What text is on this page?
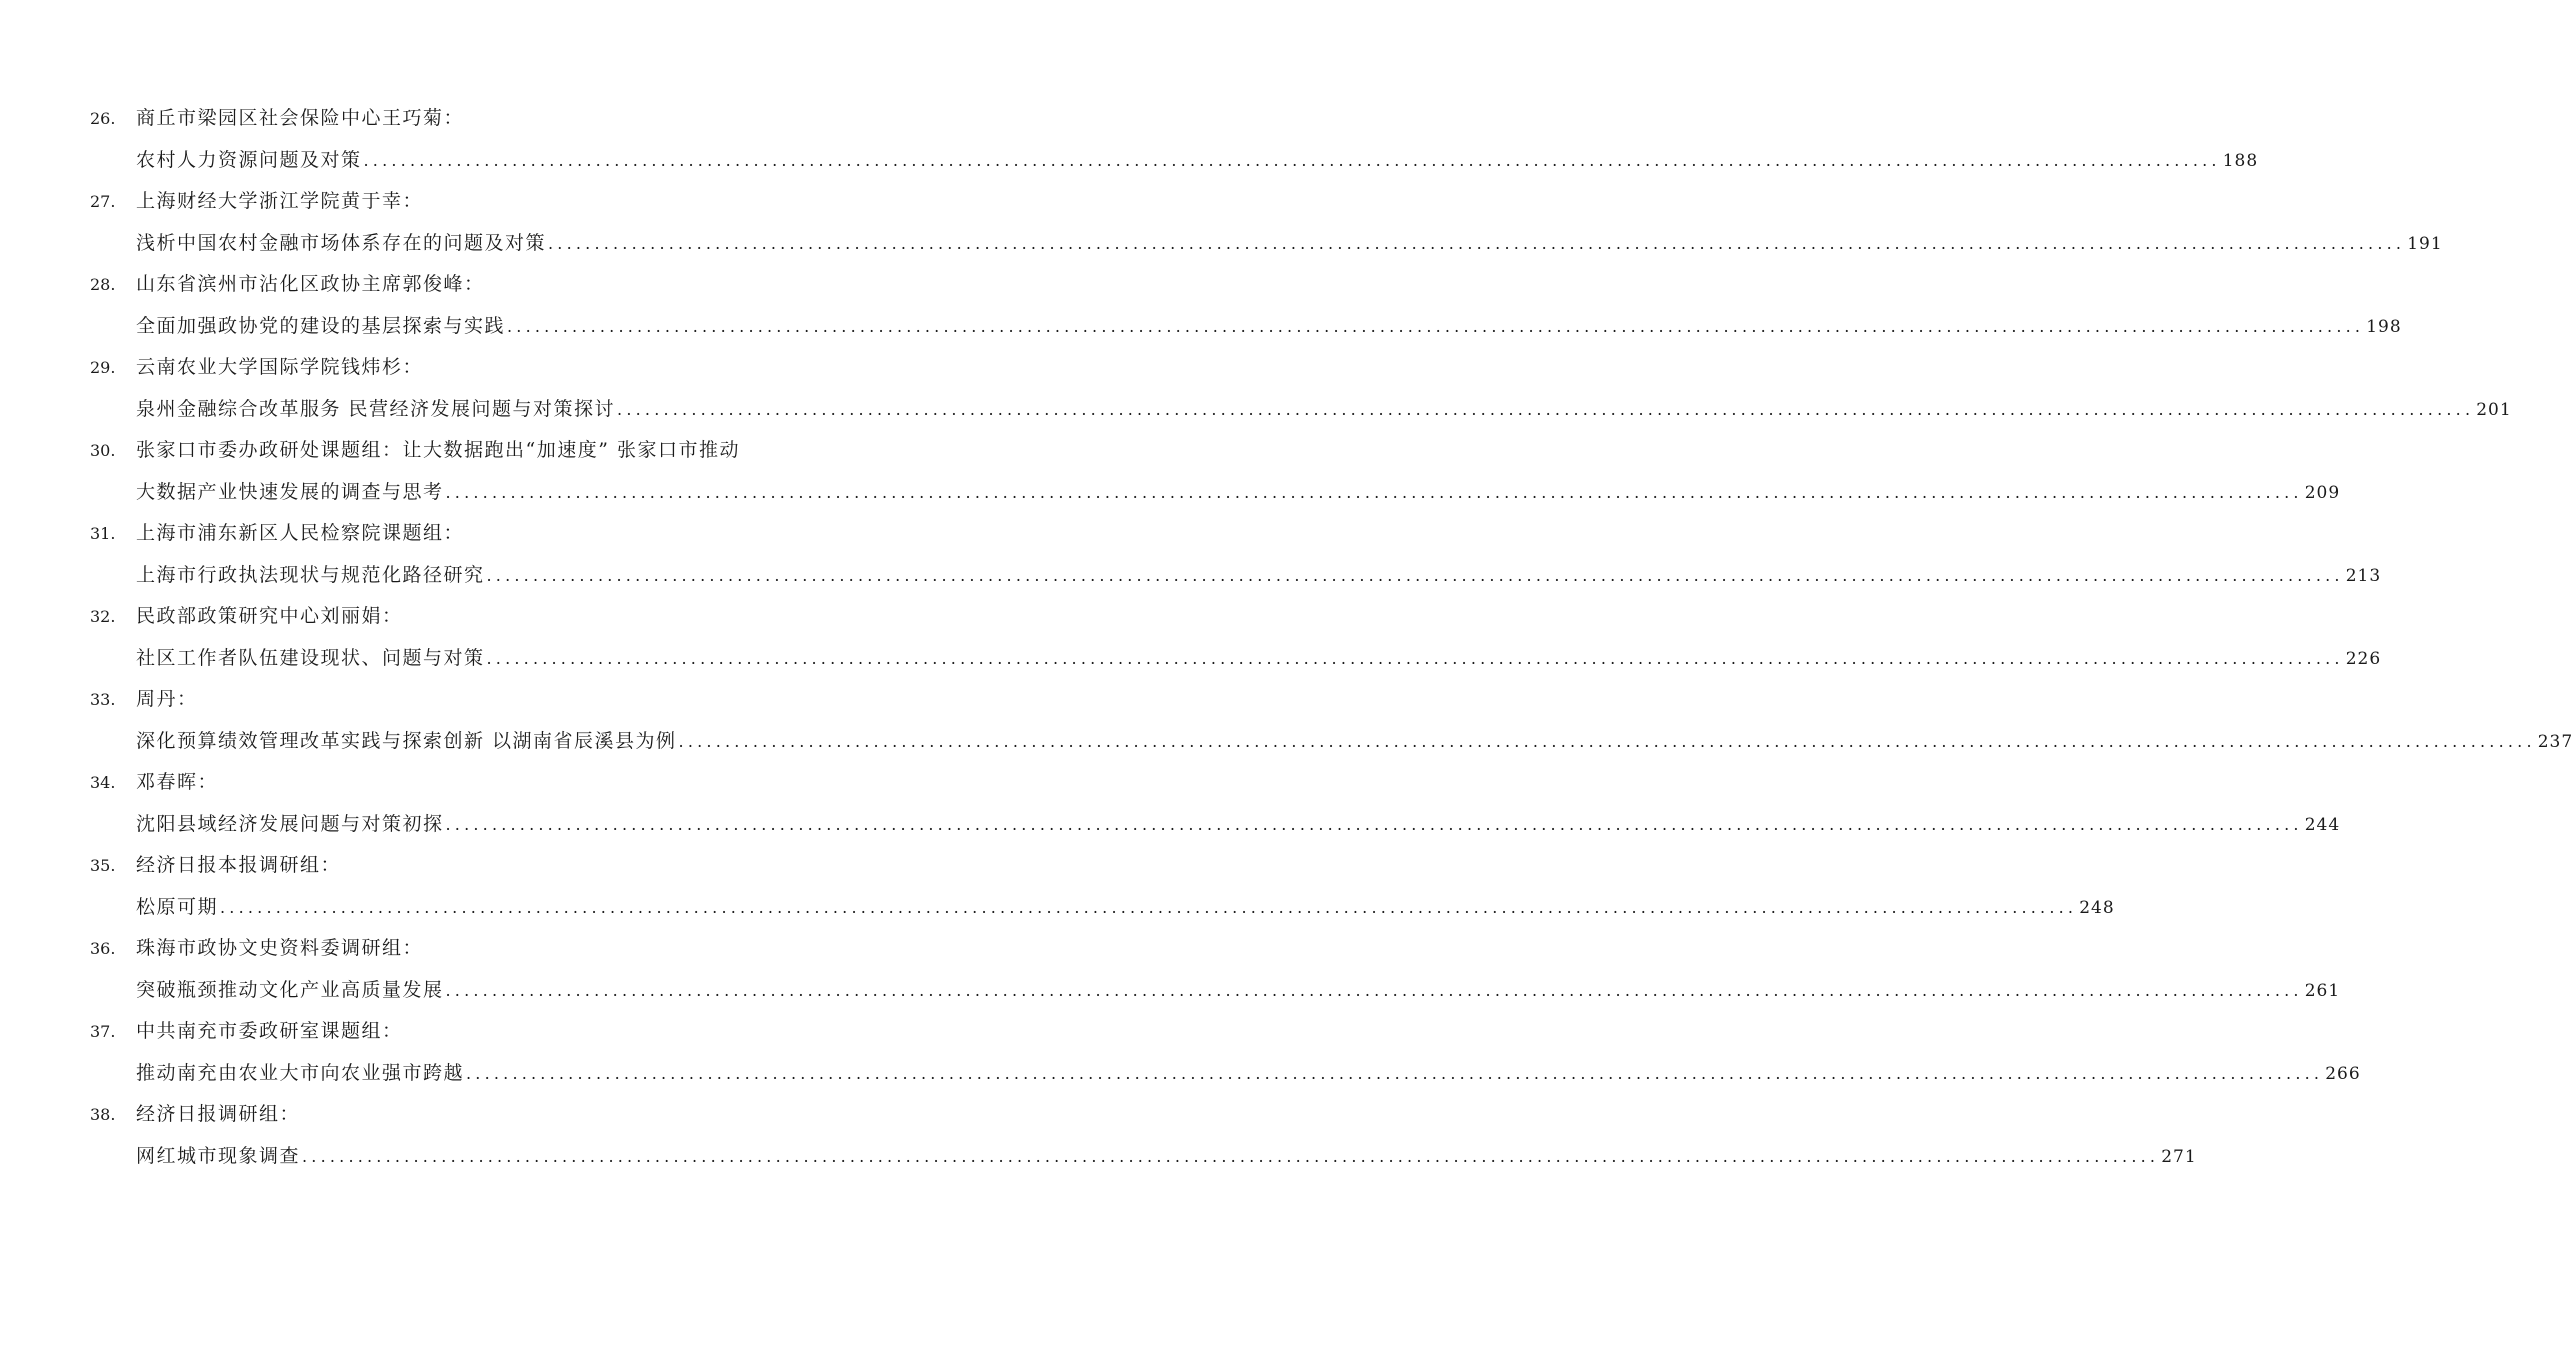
26. 商丘市梁园区社会保险中心王巧菊：
农村人力资源问题及对策 ........................................................................................................................................................................................................ 188
27. 上海财经大学浙江学院黄于幸：
浅析中国农村金融市场体系存在的问题及对策 ........................................................................................................................................................................................................ 191
28. 山东省滨州市沾化区政协主席郭俊峰：
全面加强政协党的建设的基层探索与实践 ........................................................................................................................................................................................................ 198
29. 云南农业大学国际学院钱炜杉：
泉州金融综合改革服务 民营经济发展问题与对策探讨 ........................................................................................................................................................................................................ 201
30. 张家口市委办政研处课题组：让大数据跑出“加速度” 张家口市推动
大数据产业快速发展的调查与思考 ........................................................................................................................................................................................................ 209
31. 上海市浦东新区人民检察院课题组：
上海市行政执法现状与规范化路径研究 ........................................................................................................................................................................................................ 213
32. 民政部政策研究中心刘丽娟：
社区工作者队伍建设现状、问题与对策 ........................................................................................................................................................................................................ 226
33. 周丹：
深化预算绩效管理改革实践与探索创新 以湖南省辰溪县为例 ........................................................................................................................................................................................................ 237
34. 邓春晖：
沈阳县域经济发展问题与对策初探 ........................................................................................................................................................................................................ 244
35. 经济日报本报调研组：
松原可期 ........................................................................................................................................................................................................ 248
36. 珠海市政协文史资料委调研组：
突破瓶颈推动文化产业高质量发展 ........................................................................................................................................................................................................ 261
37. 中共南充市委政研室课题组：
推动南充由农业大市向农业强市跨越 ........................................................................................................................................................................................................ 266
38. 经济日报调研组：
网红城市现象调查 ........................................................................................................................................................................................................ 271
